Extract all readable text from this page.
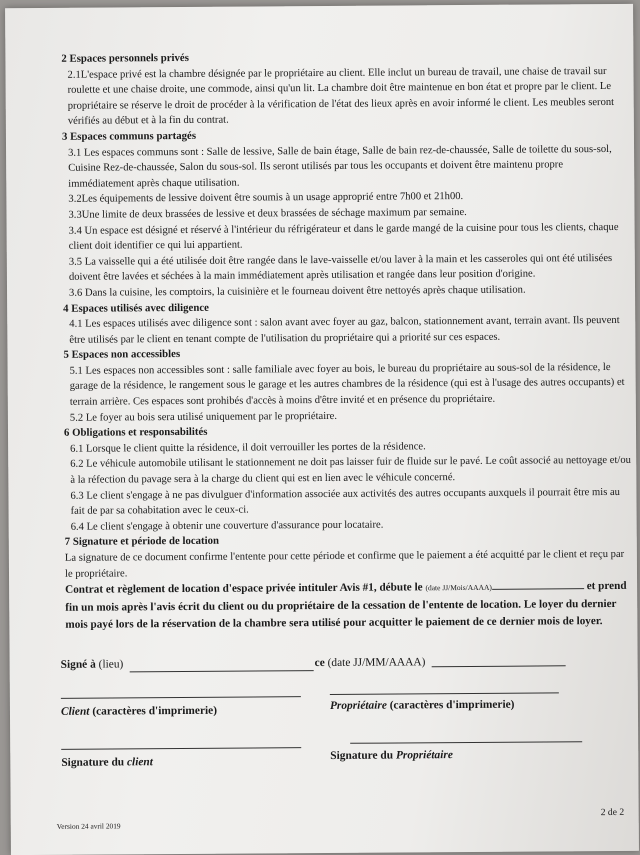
2 Espaces personnels privés

2.1L'espace privé est la chambre désignée par le propriétaire au client. Elle inclut un bureau de travail, une chaise de travail sur roulette et une chaise droite, une commode, ainsi qu'un lit. La chambre doit être maintenue en bon état et propre par le client. Le propriétaire se réserve le droit de procéder à la vérification de l'état des lieux après en avoir informé le client. Les meubles seront vérifiés au début et à la fin du contrat.

3 Espaces communs partagés

3.1 Les espaces communs sont : Salle de lessive, Salle de bain étage, Salle de bain rez-de-chaussée, Salle de toilette du sous-sol, Cuisine Rez-de-chaussée, Salon du sous-sol. Ils seront utilisés par tous les occupants et doivent être maintenu propre immédiatement après chaque utilisation.

3.2Les équipements de lessive doivent être soumis à un usage approprié entre 7h00 et 21h00.

3.3Une limite de deux brassées de lessive et deux brassées de séchage maximum par semaine.

3.4 Un espace est désigné et réservé à l'intérieur du réfrigérateur et dans le garde mangé de la cuisine pour tous les clients, chaque client doit identifier ce qui lui appartient.

3.5 La vaisselle qui a été utilisée doit être rangée dans le lave-vaisselle et/ou laver à la main et les casseroles qui ont été utilisées doivent être lavées et séchées à la main immédiatement après utilisation et rangée dans leur position d'origine.

3.6 Dans la cuisine, les comptoirs, la cuisinière et le fourneau doivent être nettoyés après chaque utilisation.

4 Espaces utilisés avec diligence

4.1 Les espaces utilisés avec diligence sont : salon avant avec foyer au gaz, balcon, stationnement avant, terrain avant. Ils peuvent être utilisés par le client en tenant compte de l'utilisation du propriétaire qui a priorité sur ces espaces.

5 Espaces non accessibles

5.1 Les espaces non accessibles sont : salle familiale avec foyer au bois, le bureau du propriétaire au sous-sol de la résidence, le garage de la résidence, le rangement sous le garage et les autres chambres de la résidence (qui est à l'usage des autres occupants) et terrain arrière. Ces espaces sont prohibés d'accès à moins d'être invité et en présence du propriétaire.

5.2 Le foyer au bois sera utilisé uniquement par le propriétaire.

6 Obligations et responsabilités

6.1 Lorsque le client quitte la résidence, il doit verrouiller les portes de la résidence.

6.2 Le véhicule automobile utilisant le stationnement ne doit pas laisser fuir de fluide sur le pavé. Le coût associé au nettoyage et/ou à la réfection du pavage sera à la charge du client qui est en lien avec le véhicule concerné.

6.3 Le client s'engage à ne pas divulguer d'information associée aux activités des autres occupants auxquels il pourrait être mis au fait de par sa cohabitation avec le ceux-ci.

6.4 Le client s'engage à obtenir une couverture d'assurance pour locataire.

7 Signature et période de location

La signature de ce document confirme l'entente pour cette période et confirme que le paiement a été acquitté par le client et reçu par le propriétaire.

Contrat et règlement de location d'espace privée intituler Avis #1, débute le (date JJ/Mois/AAAA)	et prend fin un mois après l'avis écrit du client ou du propriétaire de la cessation de l'entente de location. Le loyer du dernier mois payé lors de la réservation de la chambre sera utilisé pour acquitter le paiement de ce dernier mois de loyer.

Signé à (lieu)	ce (date JJ/MM/AAAA)
Client (caractères d'imprimerie)	Propriétaire (caractères d'imprimerie)
Signature du client
Signature du Propriétaire
Version 24 avril 2019
2 de 2
